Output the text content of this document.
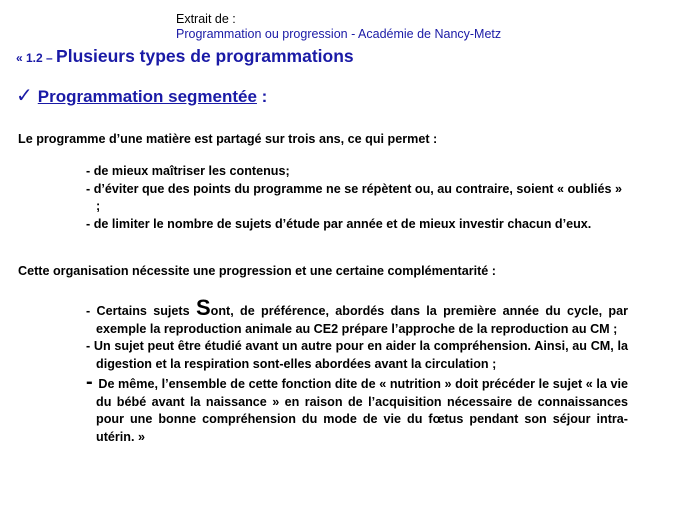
Extrait de :
Programmation ou progression - Académie de Nancy-Metz
« 1.2 – Plusieurs types de programmations
✓ Programmation segmentée :
Le programme d’une matière est partagé sur trois ans, ce qui permet :
- de mieux maîtriser les contenus;
- d’éviter que des points du programme ne se répètent ou, au contraire, soient « oubliés » ;
- de limiter le nombre de sujets d’étude par année et de mieux investir chacun d’eux.
Cette organisation nécessite une progression et une certaine complémentarité :
- Certains sujets Sont, de préférence, abordés dans la première année du cycle, par exemple la reproduction animale au CE2 prépare l’approche de la reproduction au CM ;
- Un sujet peut être étudié avant un autre pour en aider la compréhension. Ainsi, au CM, la digestion et la respiration sont-elles abordées avant la circulation ;
- De même, l’ensemble de cette fonction dite de « nutrition » doit précéder le sujet « la vie du bébé avant la naissance » en raison de l’acquisition nécessaire de connaissances pour une bonne compréhension du mode de vie du fœtus pendant son séjour intra-utérin. »
